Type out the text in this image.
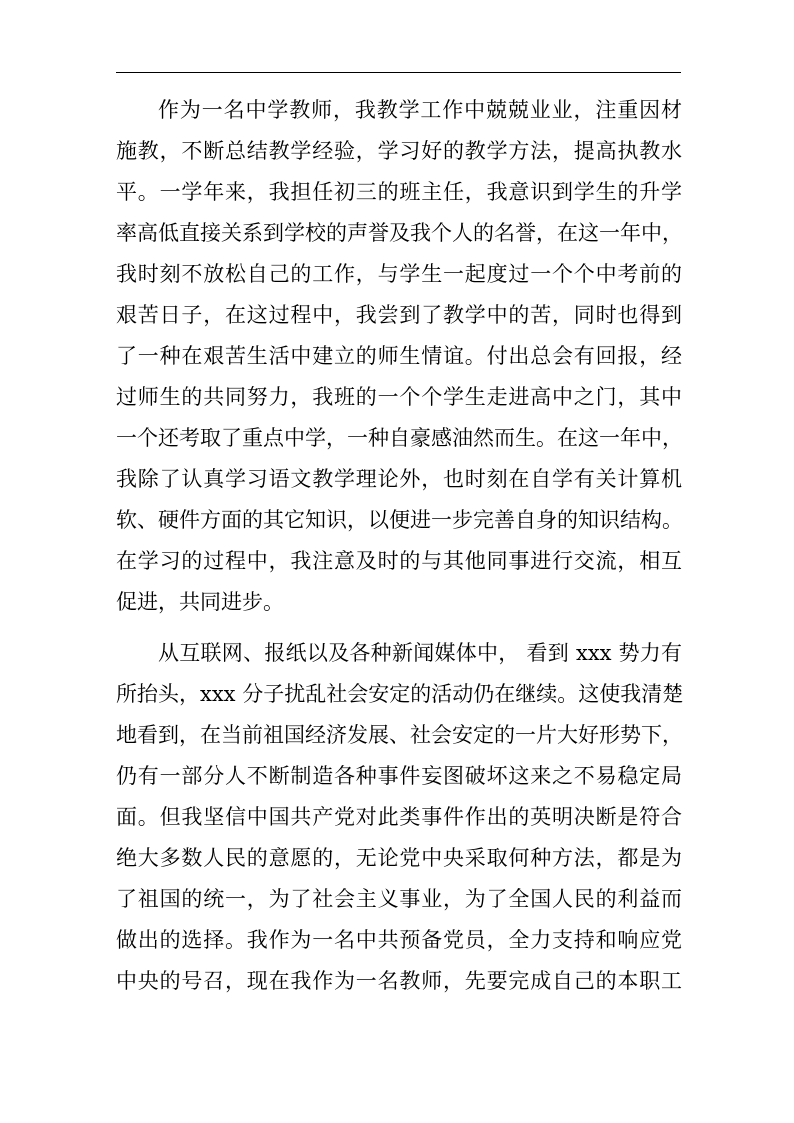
作为一名中学教师，我教学工作中兢兢业业，注重因材
施教，不断总结教学经验，学习好的教学方法，提高执教水
平。一学年来，我担任初三的班主任，我意识到学生的升学
率高低直接关系到学校的声誉及我个人的名誉，在这一年中，
我时刻不放松自己的工作，与学生一起度过一个个中考前的
艰苦日子，在这过程中，我尝到了教学中的苦，同时也得到
了一种在艰苦生活中建立的师生情谊。付出总会有回报，经
过师生的共同努力，我班的一个个学生走进高中之门，其中
一个还考取了重点中学，一种自豪感油然而生。在这一年中，
我除了认真学习语文教学理论外，也时刻在自学有关计算机
软、硬件方面的其它知识，以便进一步完善自身的知识结构。
在学习的过程中，我注意及时的与其他同事进行交流，相互
促进，共同进步。
从互联网、报纸以及各种新闻媒体中， 看到 xxx 势力有
所抬头，xxx 分子扰乱社会安定的活动仍在继续。这使我清楚
地看到，在当前祖国经济发展、社会安定的一片大好形势下，
仍有一部分人不断制造各种事件妄图破坏这来之不易稳定局
面。但我坚信中国共产党对此类事件作出的英明决断是符合
绝大多数人民的意愿的，无论党中央采取何种方法，都是为
了祖国的统一，为了社会主义事业，为了全国人民的利益而
做出的选择。我作为一名中共预备党员，全力支持和响应党
中央的号召，现在我作为一名教师，先要完成自己的本职工
